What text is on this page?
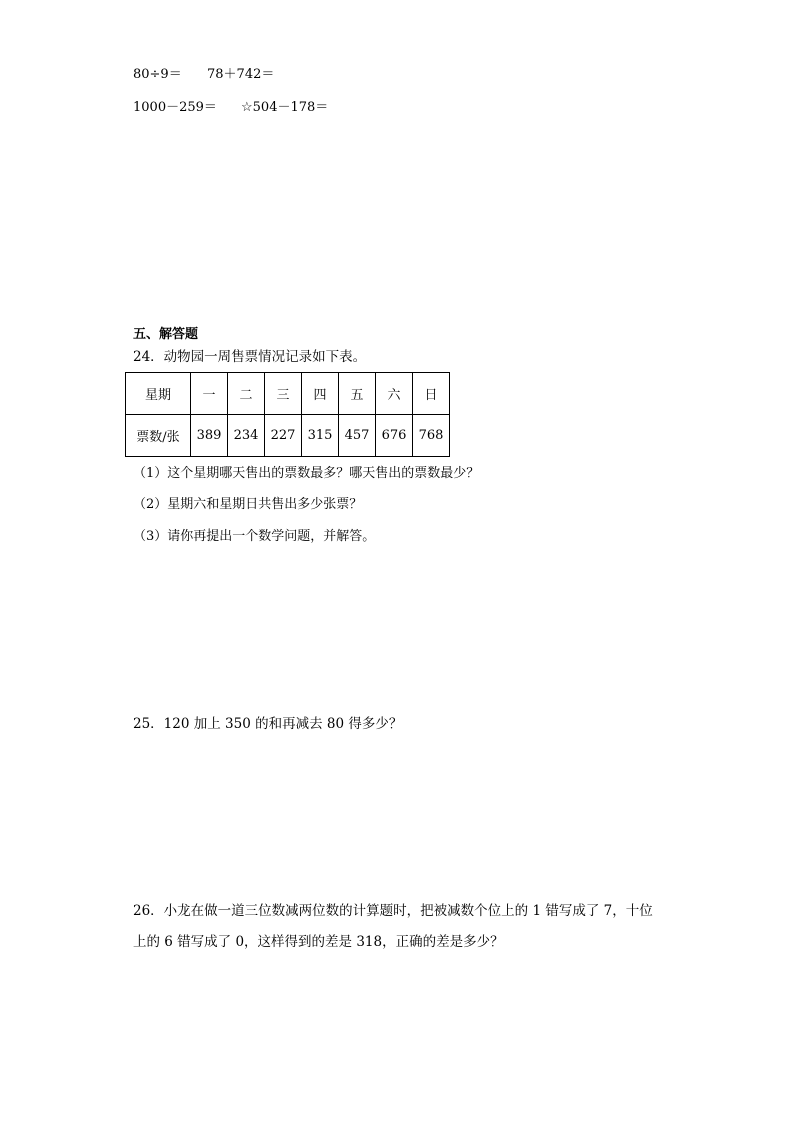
80÷9＝ 78＋742＝
1000－259＝ ☆504－178＝
五、解答题
24．动物园一周售票情况记录如下表。
星期	一	二	三	四	五	六	日
票数/张	389	234	227	315	457	676	768
（1）这个星期哪天售出的票数最多？哪天售出的票数最少？
（2）星期六和星期日共售出多少张票？
（3）请你再提出一个数学问题，并解答。
25．120 加上 350 的和再减去 80 得多少？
26．小龙在做一道三位数减两位数的计算题时，把被减数个位上的 1 错写成了 7，十位
上的 6 错写成了 0，这样得到的差是 318，正确的差是多少？
